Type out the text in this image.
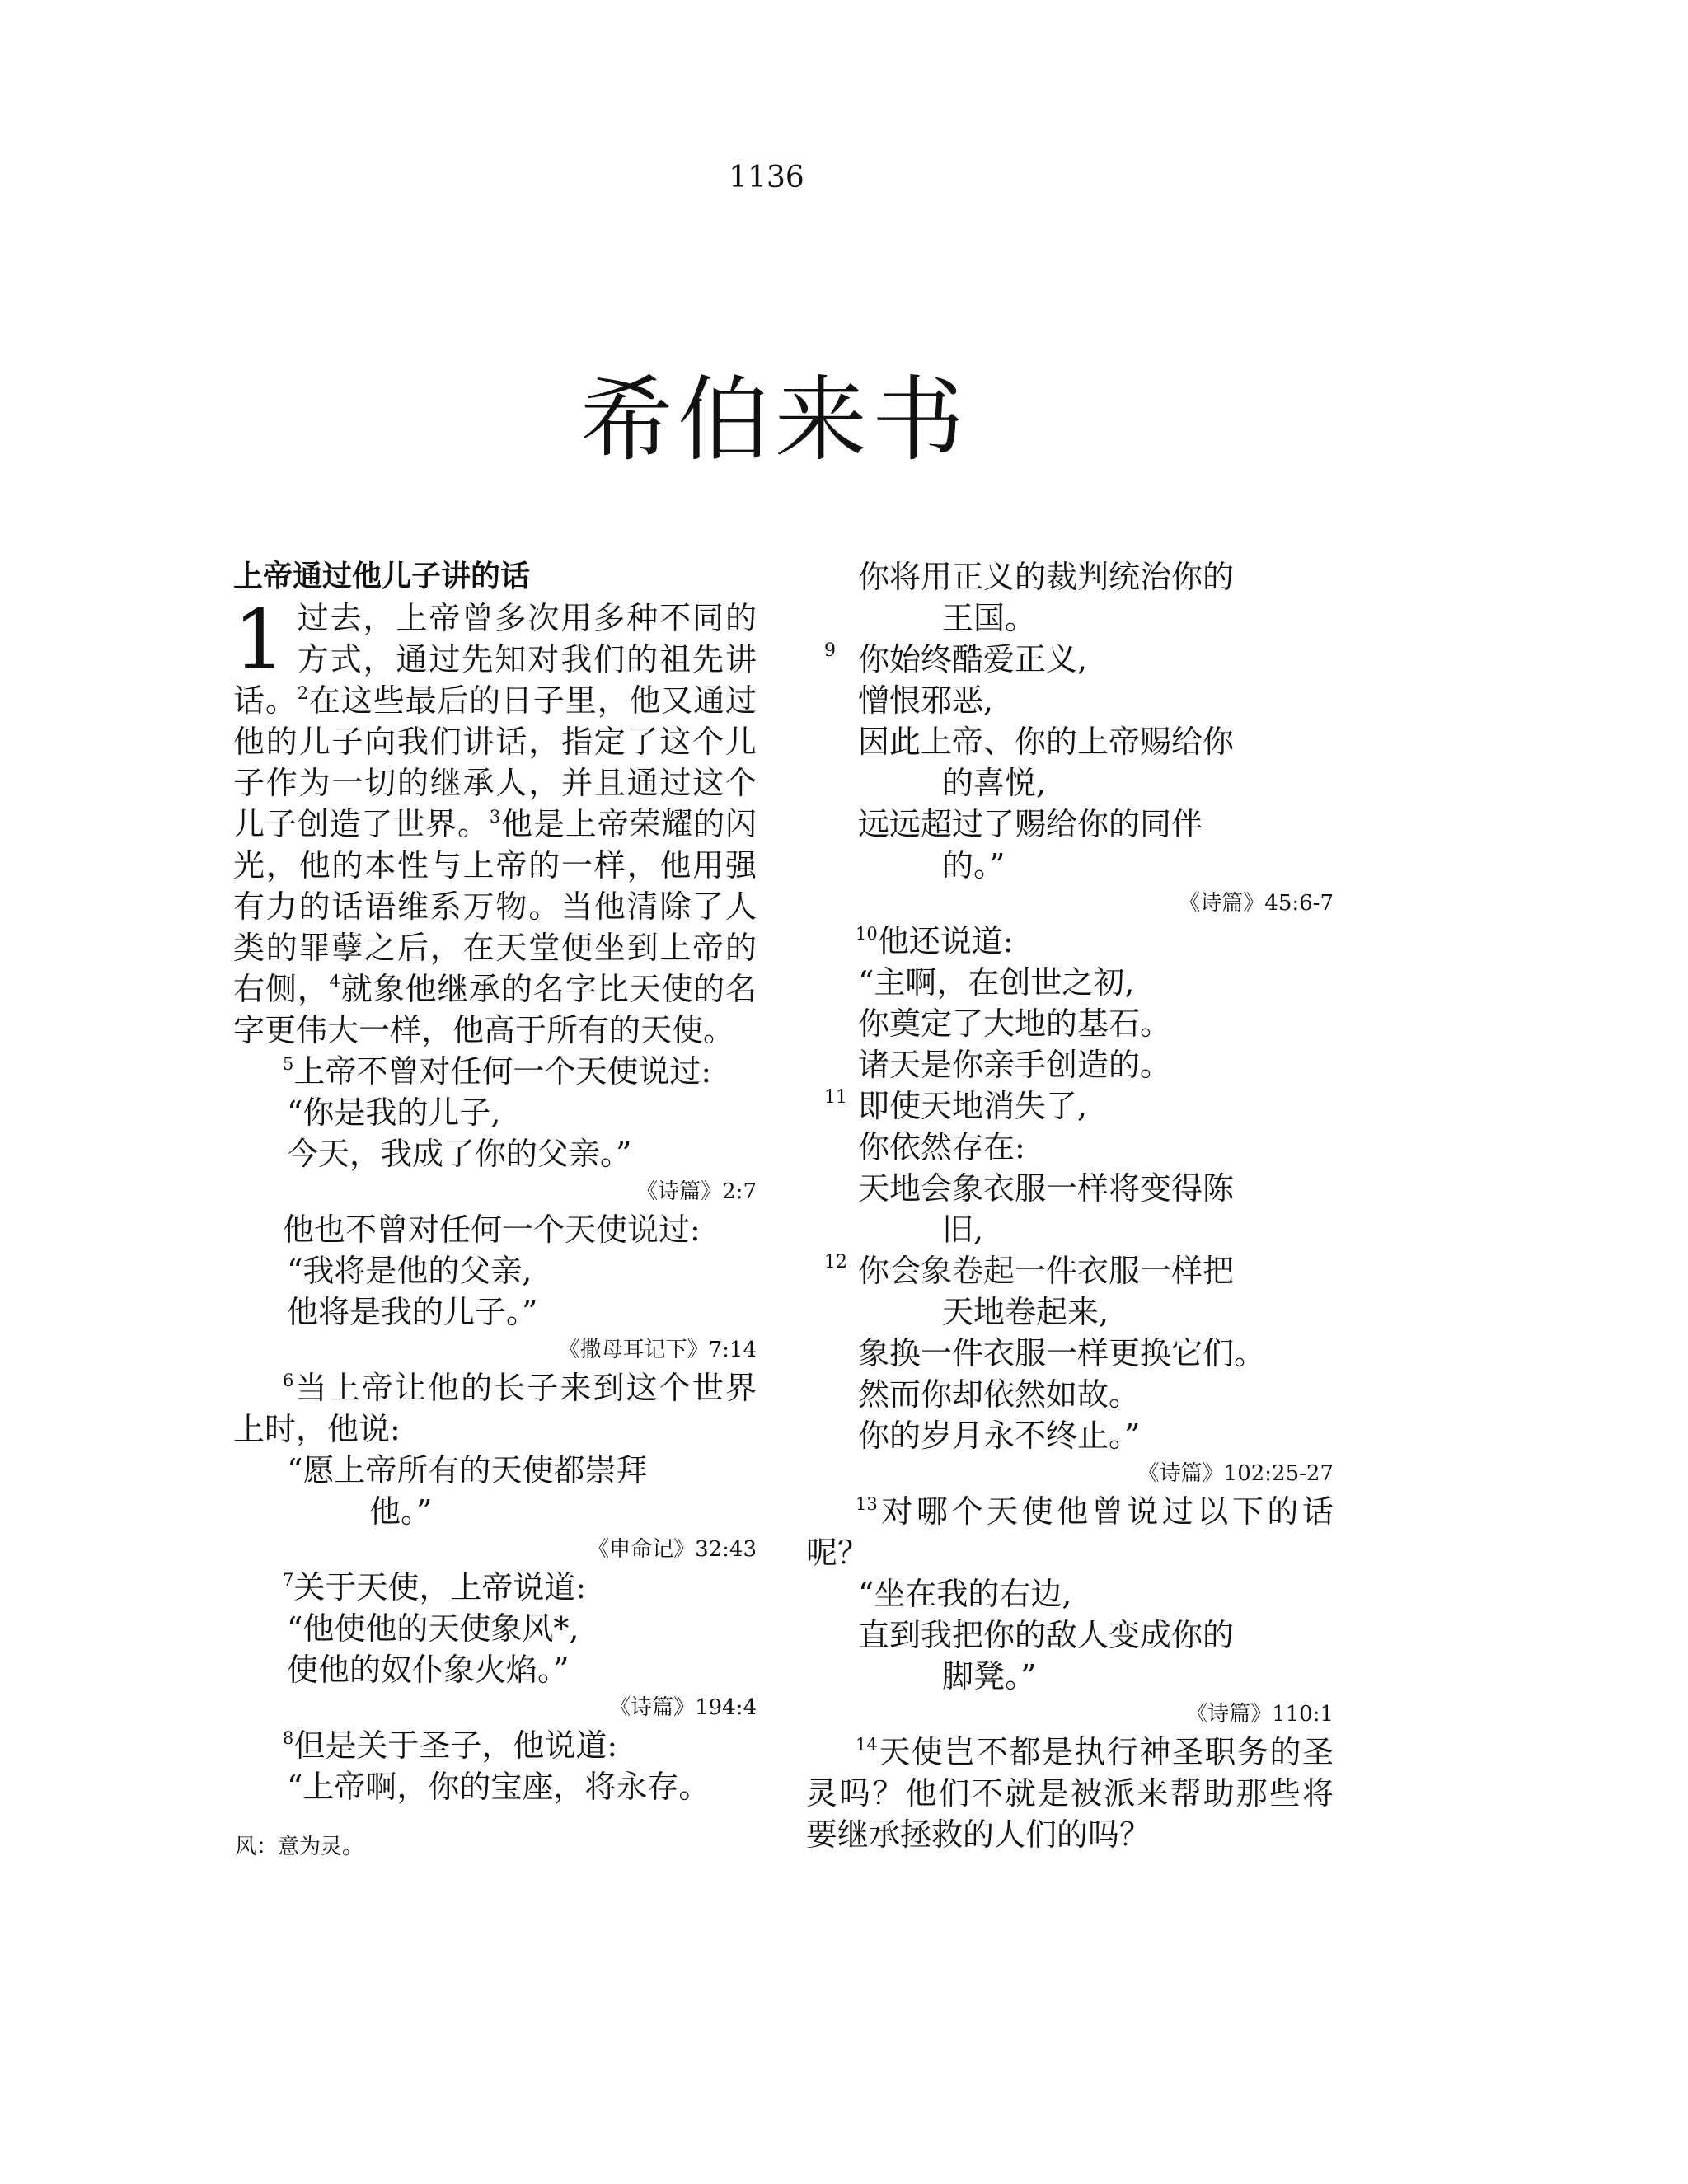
1136
希伯来书
上帝通过他儿子讲的话
1 过去，上帝曾多次用多种不同的方式，通过先知对我们的祖先讲话。$^2$在这些最后的日子里，他又通过他的儿子向我们讲话，指定了这个儿子作为一切的继承人，并且通过这个儿子创造了世界。$^3$他是上帝荣耀的闪光，他的本性与上帝的一样，他用强有力的话语维系万物。当他清除了人类的罪孽之后，在天堂便坐到上帝的右侧，$^4$就象他继承的名字比天使的名字更伟大一样，他高于所有的天使。
$^5$上帝不曾对任何一个天使说过:
“你是我的儿子,
今天，我成了你的父亲。”
《诗篇》2:7
他也不曾对任何一个天使说过:
“我将是他的父亲,
他将是我的儿子。”
《撒母耳记下》7:14
$^6$当上帝让他的长子来到这个世界上时，他说:
“愿上帝所有的天使都崇拜
他。”
《申命记》32:43
$^7$关于天使，上帝说道:
“他使他的天使象风*,
使他的奴仆象火焰。”
《诗篇》194:4
$^8$但是关于圣子，他说道:
“上帝啊，你的宝座，将永存。
风：意为灵。
你将用正义的裁判统治你的
王国。
9 你始终酷爱正义,
憎恨邪恶,
因此上帝、你的上帝赐给你
的喜悦,
远远超过了赐给你的同伴
的。”
《诗篇》45:6-7
$^{10}$他还说道:
“主啊，在创世之初,
你奠定了大地的基石。
诸天是你亲手创造的。
11 即使天地消失了,
你依然存在:
天地会象衣服一样将变得陈
旧,
12 你会象卷起一件衣服一样把
天地卷起来,
象换一件衣服一样更换它们。
然而你却依然如故。
你的岁月永不终止。”
《诗篇》102:25-27
$^{13}$对哪个天使他曾说过以下的话呢？
“坐在我的右边,
直到我把你的敌人变成你的
脚凳。”
《诗篇》110:1
$^{14}$天使岂不都是执行神圣职务的圣灵吗？他们不就是被派来帮助那些将要继承拯救的人们的吗？
